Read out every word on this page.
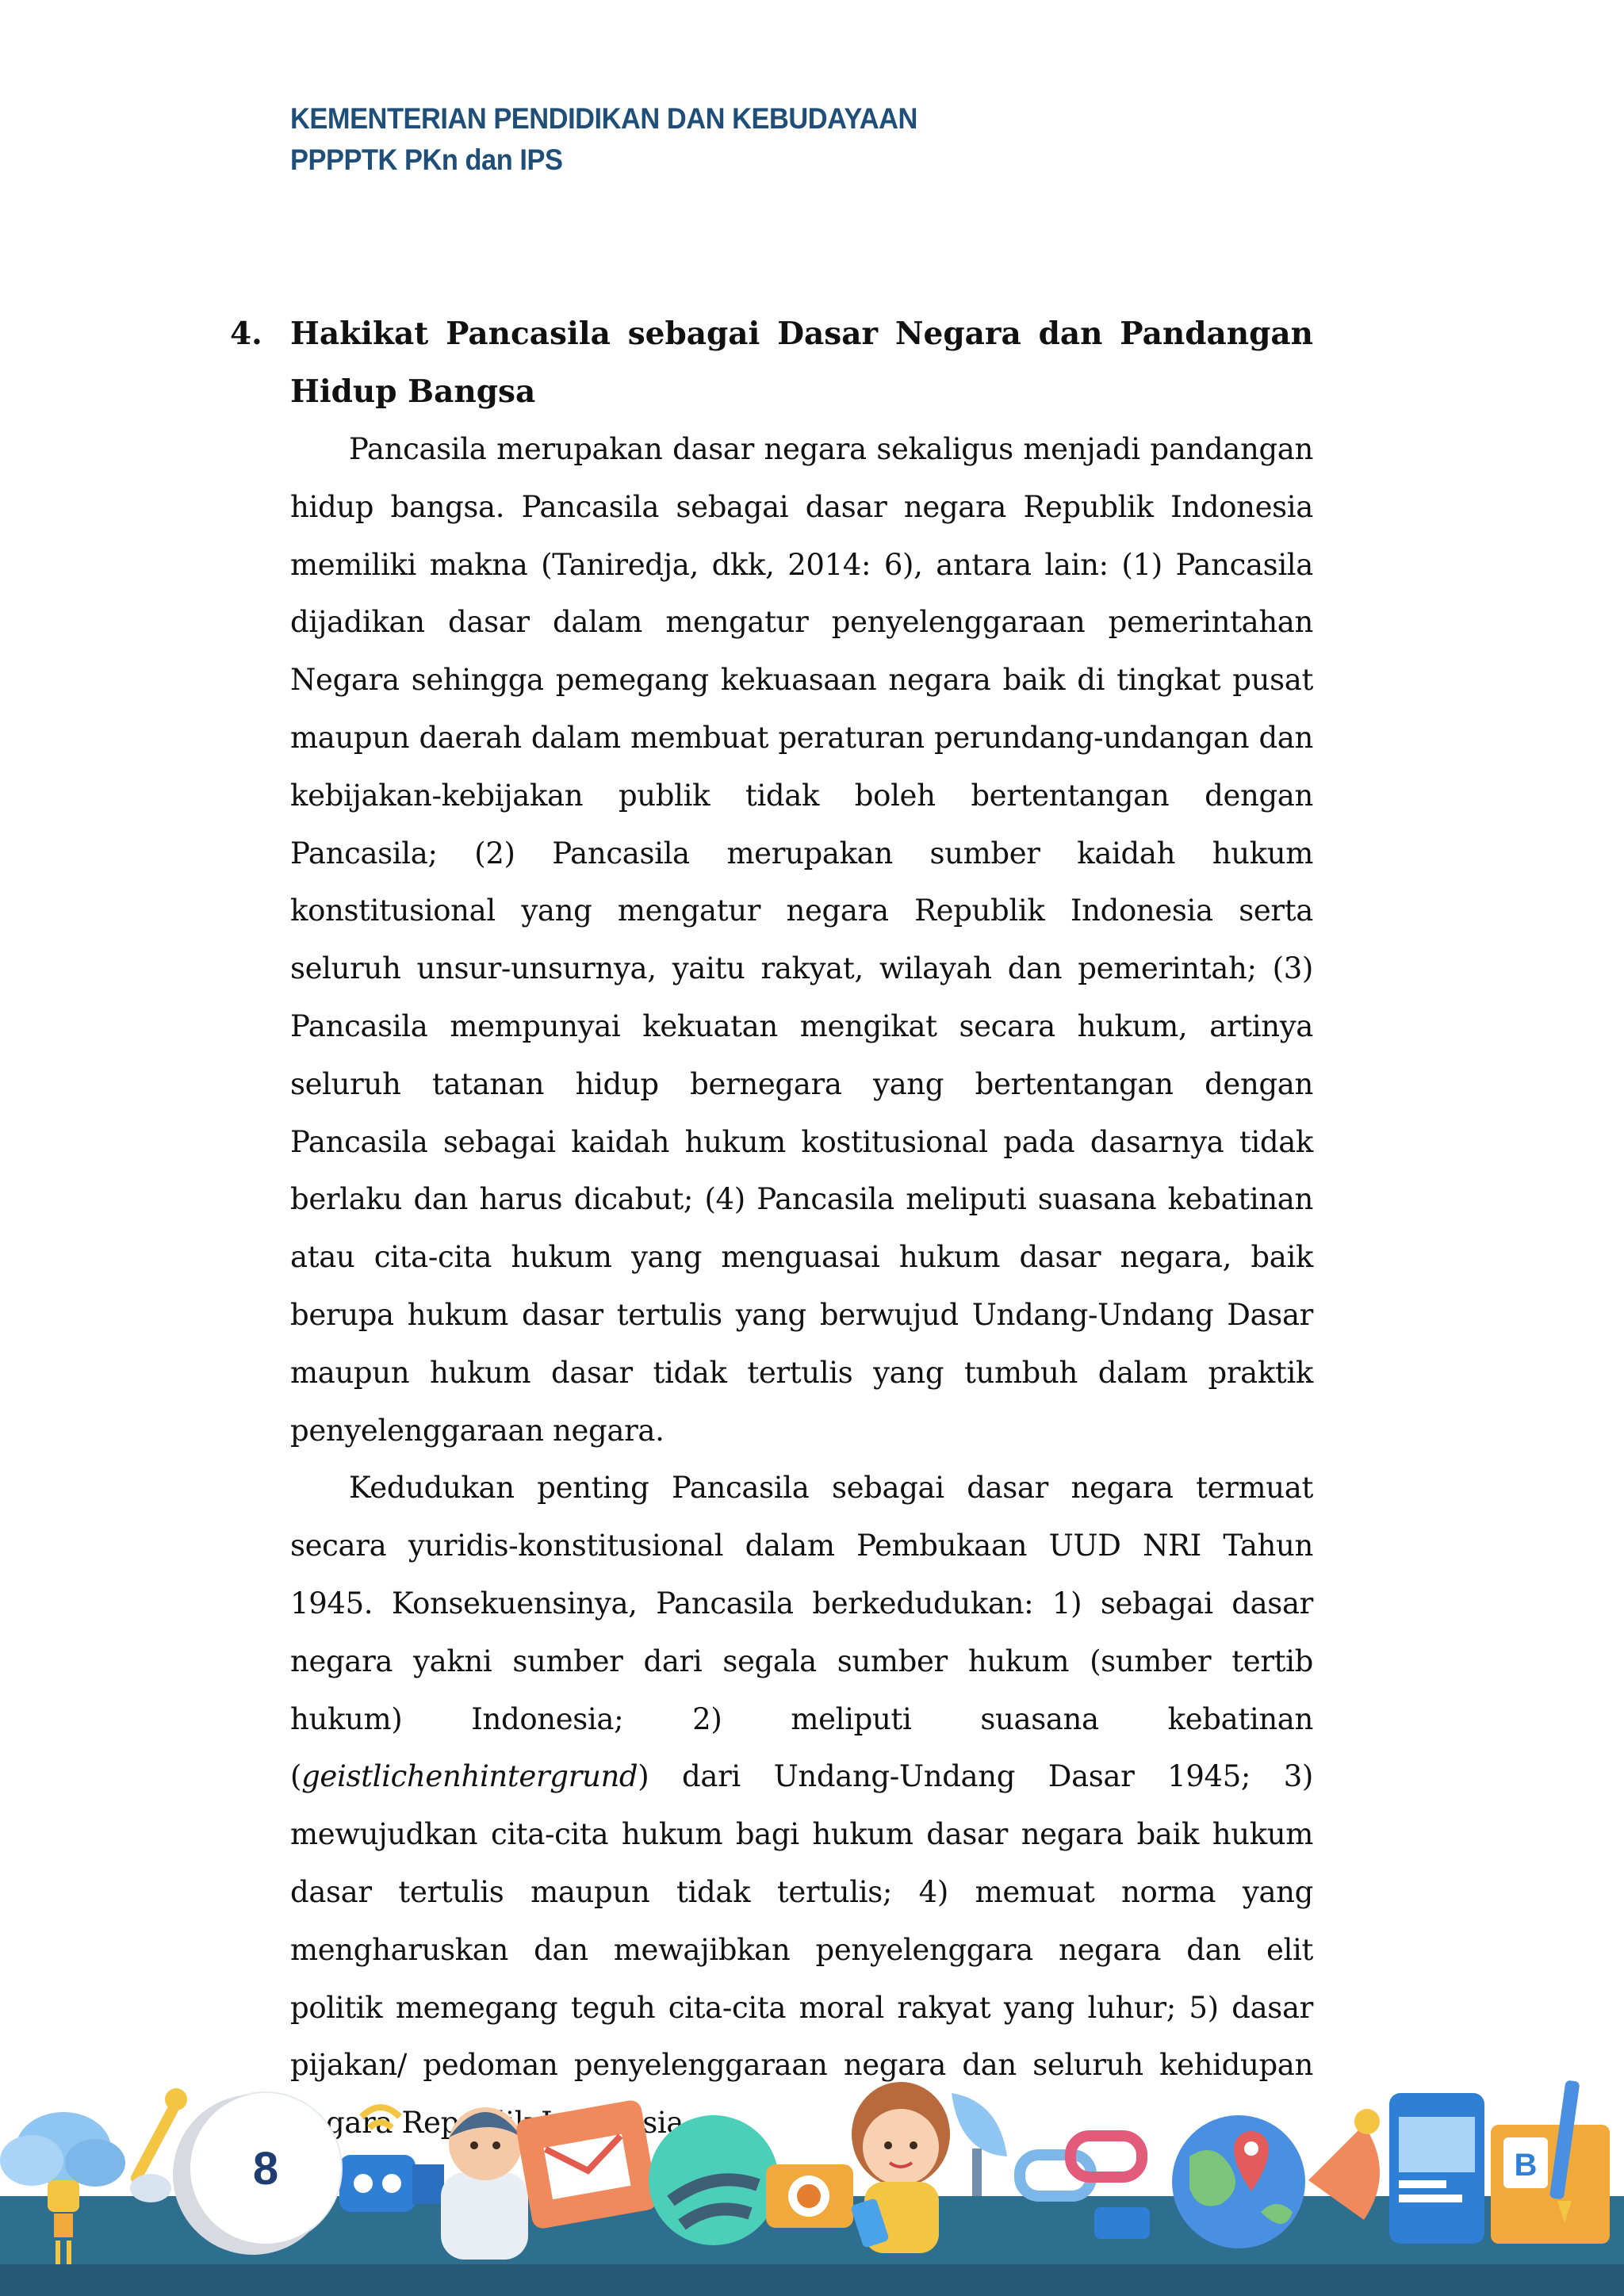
KEMENTERIAN PENDIDIKAN DAN KEBUDAYAAN
PPPPTK PKn dan IPS
4. Hakikat Pancasila sebagai Dasar Negara dan Pandangan Hidup Bangsa

Pancasila merupakan dasar negara sekaligus menjadi pandangan hidup bangsa. Pancasila sebagai dasar negara Republik Indonesia memiliki makna (Taniredja, dkk, 2014: 6), antara lain: (1) Pancasila dijadikan dasar dalam mengatur penyelenggaraan pemerintahan Negara sehingga pemegang kekuasaan negara baik di tingkat pusat maupun daerah dalam membuat peraturan perundang-undangan dan kebijakan-kebijakan publik tidak boleh bertentangan dengan Pancasila; (2) Pancasila merupakan sumber kaidah hukum konstitusional yang mengatur negara Republik Indonesia serta seluruh unsur-unsurnya, yaitu rakyat, wilayah dan pemerintah; (3) Pancasila mempunyai kekuatan mengikat secara hukum, artinya seluruh tatanan hidup bernegara yang bertentangan dengan Pancasila sebagai kaidah hukum kostitusional pada dasarnya tidak berlaku dan harus dicabut; (4) Pancasila meliputi suasana kebatinan atau cita-cita hukum yang menguasai hukum dasar negara, baik berupa hukum dasar tertulis yang berwujud Undang-Undang Dasar maupun hukum dasar tidak tertulis yang tumbuh dalam praktik penyelenggaraan negara.

Kedudukan penting Pancasila sebagai dasar negara termuat secara yuridis-konstitusional dalam Pembukaan UUD NRI Tahun 1945. Konsekuensinya, Pancasila berkedudukan: 1) sebagai dasar negara yakni sumber dari segala sumber hukum (sumber tertib hukum) Indonesia; 2) meliputi suasana kebatinan (geistlichenhintergrund) dari Undang-Undang Dasar 1945; 3) mewujudkan cita-cita hukum bagi hukum dasar negara baik hukum dasar tertulis maupun tidak tertulis; 4) memuat norma yang mengharuskan dan mewajibkan penyelenggara negara dan elit politik memegang teguh cita-cita moral rakyat yang luhur; 5) dasar pijakan/ pedoman penyelenggaraan negara dan seluruh kehidupan negara

B
8
